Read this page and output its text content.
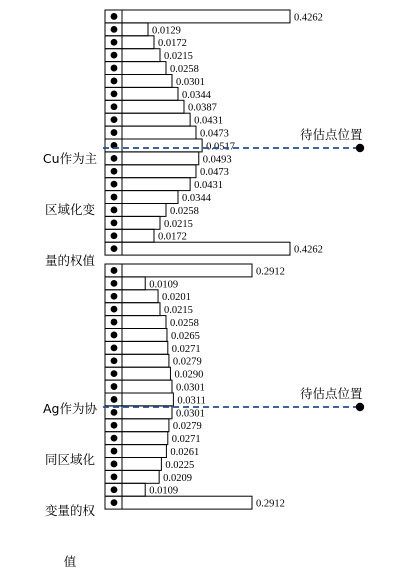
0.4262
0.0129
0.0172
0.0215
0.0258
0.0301
0.0344
0.0387
0.0431
0.0473
0.0517
0.0493
0.0473
0.0431
0.0344
0.0258
0.0215
0.0172
0.4262
0.2912
0.0109
0.0201
0.0215
0.0258
0.0265
0.0271
0.0279
0.0290
0.0301
0.0311
0.0301
0.0279
0.0271
0.0261
0.0225
0.0209
0.0109
0.2912

Cu作为主

区域化变

量的权值

Ag作为协

同区域化

变量的权

值

待估点位置
待估点位置
